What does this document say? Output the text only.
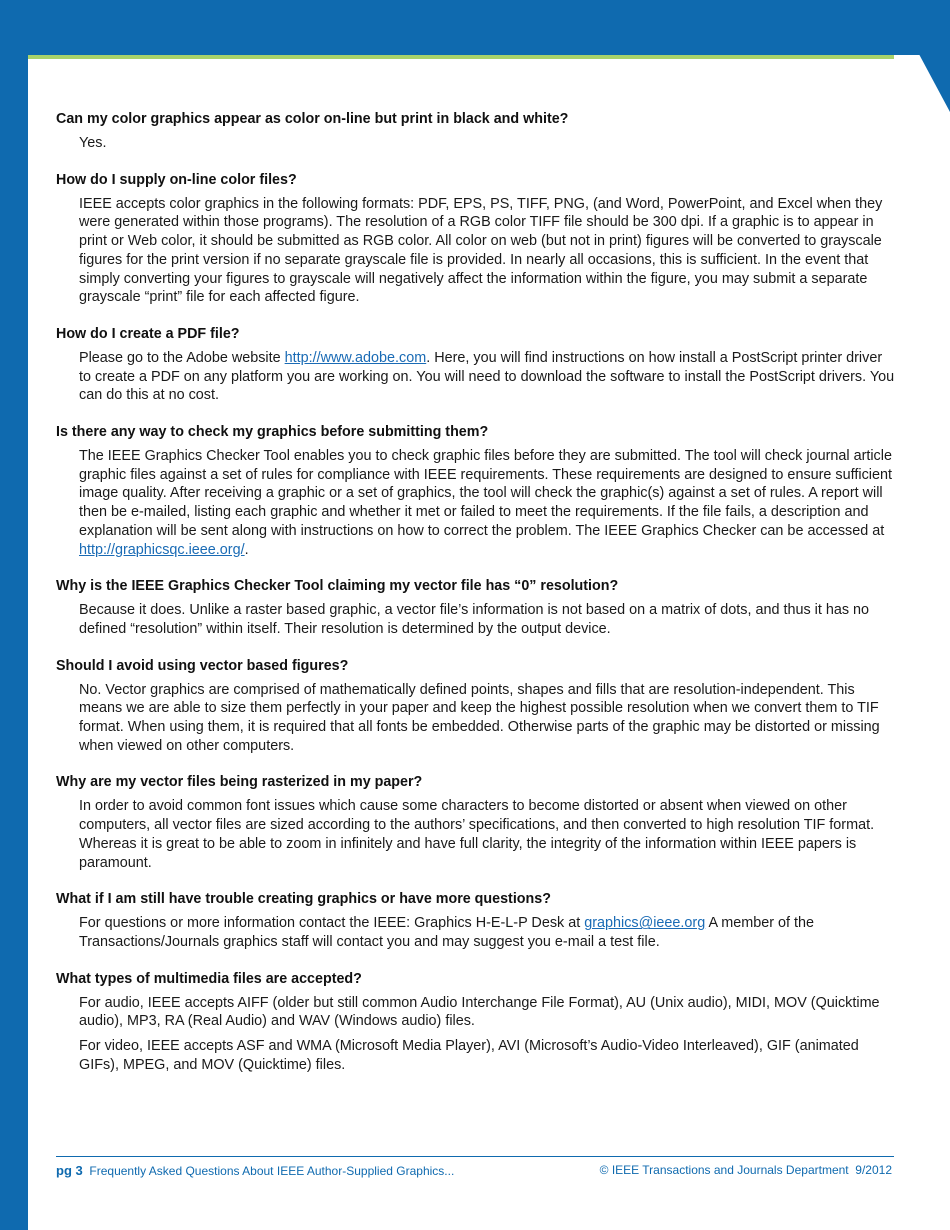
Can my color graphics appear as color on-line but print in black and white?

Yes.

How do I supply on-line color files?

IEEE accepts color graphics in the following formats: PDF, EPS, PS, TIFF, PNG, (and Word, PowerPoint, and Excel when they were generated within those programs). The resolution of a RGB color TIFF file should be 300 dpi. If a graphic is to appear in print or Web color, it should be submitted as RGB color. All color on web (but not in print) figures will be converted to grayscale figures for the print version if no separate grayscale file is provided. In nearly all occasions, this is sufficient. In the event that simply converting your figures to grayscale will negatively affect the information within the figure, you may submit a separate grayscale “print” file for each affected figure.

How do I create a PDF file?

Please go to the Adobe website http://www.adobe.com. Here, you will find instructions on how install a PostScript printer driver to create a PDF on any platform you are working on. You will need to download the software to install the PostScript drivers. You can do this at no cost.

Is there any way to check my graphics before submitting them?

The IEEE Graphics Checker Tool enables you to check graphic files before they are submitted. The tool will check journal article graphic files against a set of rules for compliance with IEEE requirements. These requirements are designed to ensure sufficient image quality. After receiving a graphic or a set of graphics, the tool will check the graphic(s) against a set of rules. A report will then be e-mailed, listing each graphic and whether it met or failed to meet the requirements. If the file fails, a description and explanation will be sent along with instructions on how to correct the problem. The IEEE Graphics Checker can be accessed at http://graphicsqc.ieee.org/.

Why is the IEEE Graphics Checker Tool claiming my vector file has “0” resolution?

Because it does. Unlike a raster based graphic, a vector file’s information is not based on a matrix of dots, and thus it has no defined “resolution” within itself. Their resolution is determined by the output device.

Should I avoid using vector based figures?

No. Vector graphics are comprised of mathematically defined points, shapes and fills that are resolution-independent. This means we are able to size them perfectly in your paper and keep the highest possible resolution when we convert them to TIF format. When using them, it is required that all fonts be embedded. Otherwise parts of the graphic may be distorted or missing when viewed on other computers.

Why are my vector files being rasterized in my paper?

In order to avoid common font issues which cause some characters to become distorted or absent when viewed on other computers, all vector files are sized according to the authors’ specifications, and then converted to high resolution TIF format. Whereas it is great to be able to zoom in infinitely and have full clarity, the integrity of the information within IEEE papers is paramount.

What if I am still have trouble creating graphics or have more questions?

For questions or more information contact the IEEE: Graphics H-E-L-P Desk at graphics@ieee.org A member of the Transactions/Journals graphics staff will contact you and may suggest you e-mail a test file.

What types of multimedia files are accepted?

For audio, IEEE accepts AIFF (older but still common Audio Interchange File Format), AU (Unix audio), MIDI, MOV (Quicktime audio), MP3, RA (Real Audio) and WAV (Windows audio) files.

For video, IEEE accepts ASF and WMA (Microsoft Media Player), AVI (Microsoft’s Audio-Video Interleaved), GIF (animated GIFs), MPEG, and MOV (Quicktime) files.

pg 3 Frequently Asked Questions About IEEE Author-Supplied Graphics...	© IEEE Transactions and Journals Department  9/2012
